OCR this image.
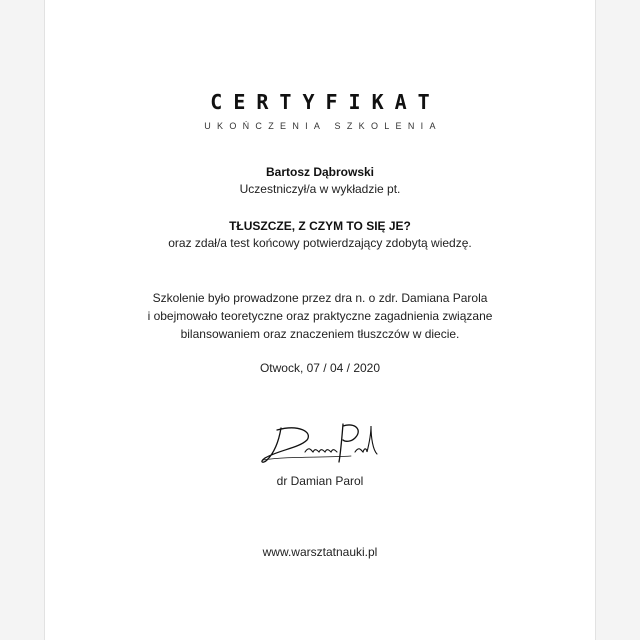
CERTYFIKAT
UKOŃCZENIA SZKOLENIA
Bartosz Dąbrowski
Uczestniczył/a w wykładzie pt.
TŁUSZCZE, Z CZYM TO SIĘ JE?
oraz zdał/a test końcowy potwierdzający zdobytą wiedzę.
Szkolenie było prowadzone przez dra n. o zdr. Damiana Parola
i obejmowało teoretyczne oraz praktyczne zagadnienia związane
bilansowaniem oraz znaczeniem tłuszczów w diecie.
Otwock, 07 / 04 / 2020
dr Damian Parol
www.warsztatnauki.pl
